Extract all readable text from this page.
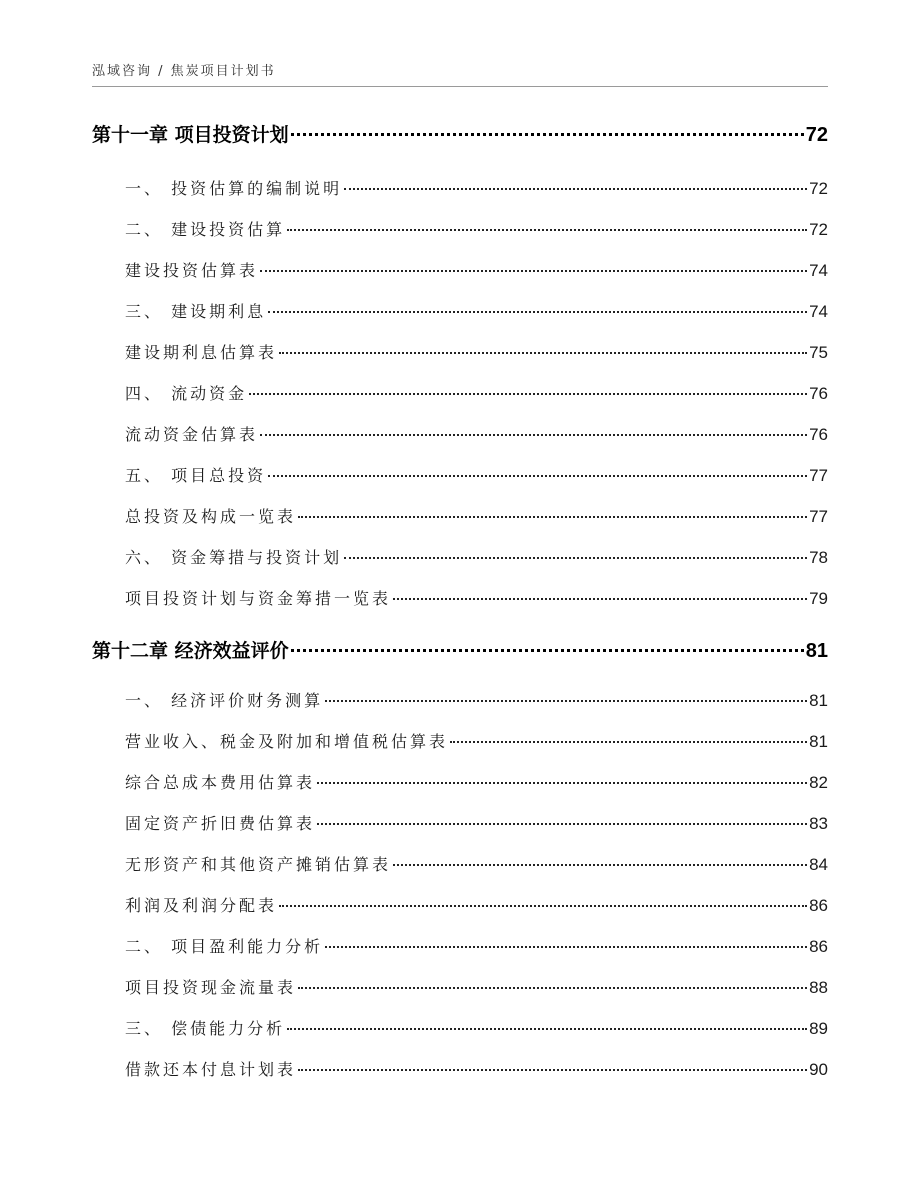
泓域咨询 / 焦炭项目计划书
第十一章 项目投资计划	72
一、 投资估算的编制说明	72
二、 建设投资估算	72
建设投资估算表	74
三、 建设期利息	74
建设期利息估算表	75
四、 流动资金	76
流动资金估算表	76
五、 项目总投资	77
总投资及构成一览表	77
六、 资金筹措与投资计划	78
项目投资计划与资金筹措一览表	79
第十二章 经济效益评价	81
一、 经济评价财务测算	81
营业收入、税金及附加和增值税估算表	81
综合总成本费用估算表	82
固定资产折旧费估算表	83
无形资产和其他资产摊销估算表	84
利润及利润分配表	86
二、 项目盈利能力分析	86
项目投资现金流量表	88
三、 偿债能力分析	89
借款还本付息计划表	90
